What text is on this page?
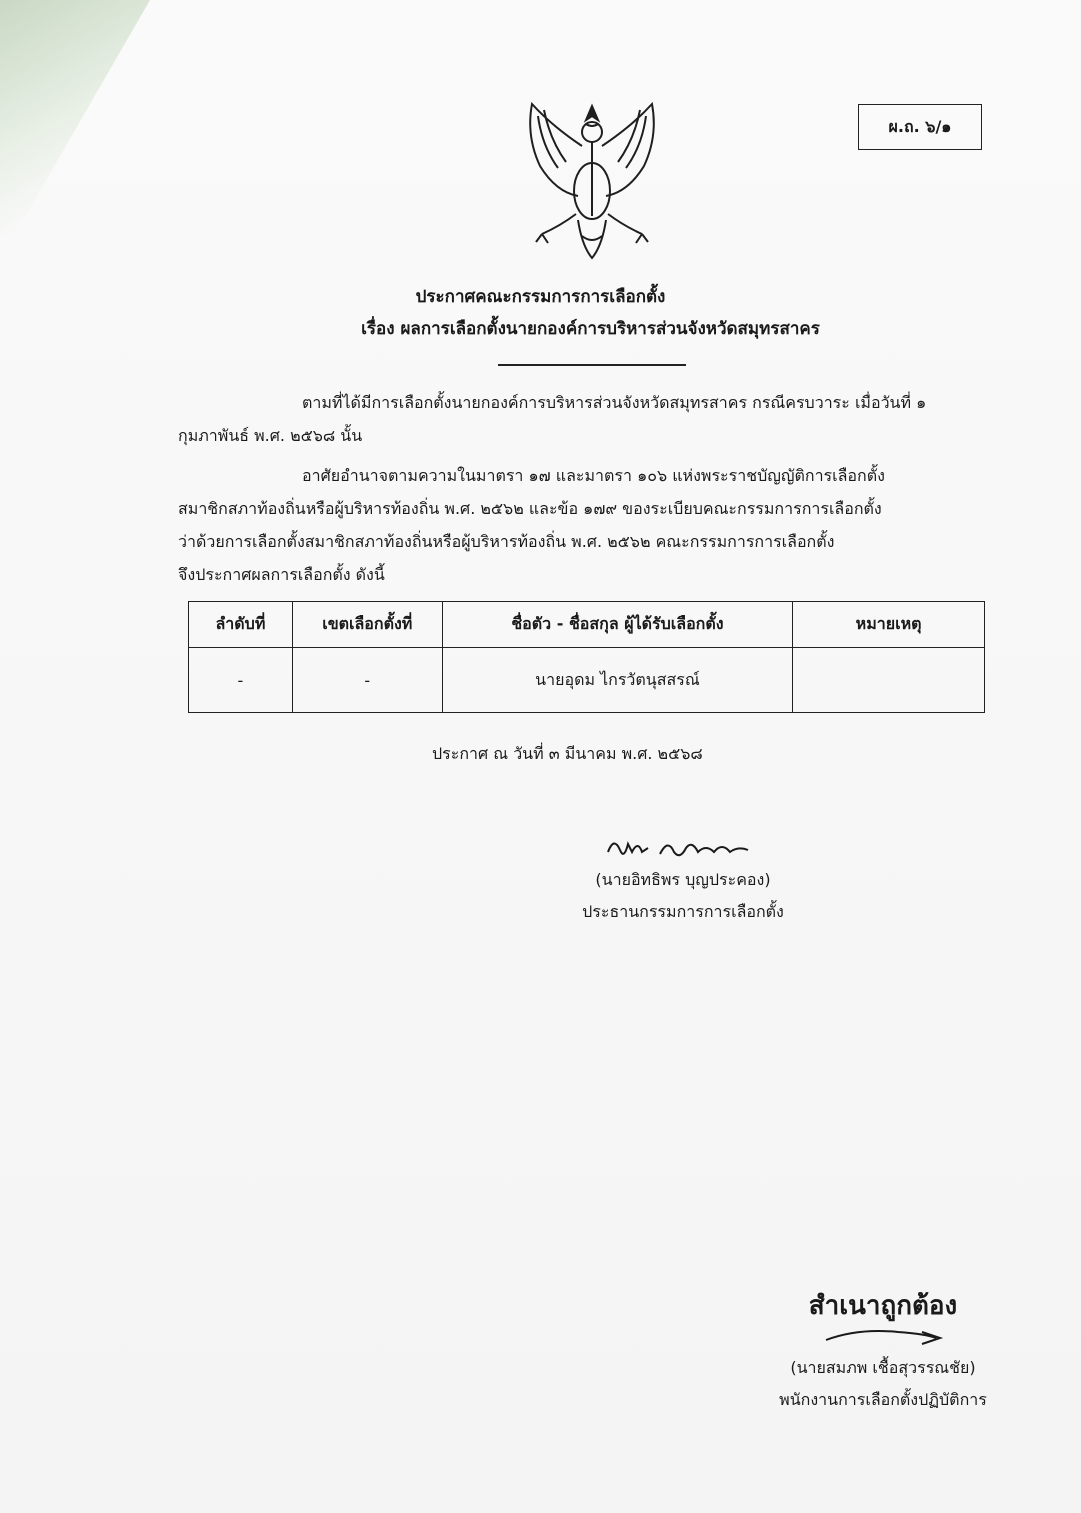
ผ.ถ. ๖/๑
ประกาศคณะกรรมการการเลือกตั้ง
เรื่อง ผลการเลือกตั้งนายกองค์การบริหารส่วนจังหวัดสมุทรสาคร
ตามที่ได้มีการเลือกตั้งนายกองค์การบริหารส่วนจังหวัดสมุทรสาคร กรณีครบวาระ เมื่อวันที่ ๑
กุมภาพันธ์ พ.ศ. ๒๕๖๘ นั้น
อาศัยอำนาจตามความในมาตรา ๑๗ และมาตรา ๑๐๖ แห่งพระราชบัญญัติการเลือกตั้ง
สมาชิกสภาท้องถิ่นหรือผู้บริหารท้องถิ่น พ.ศ. ๒๕๖๒ และข้อ ๑๗๙ ของระเบียบคณะกรรมการการเลือกตั้ง
ว่าด้วยการเลือกตั้งสมาชิกสภาท้องถิ่นหรือผู้บริหารท้องถิ่น พ.ศ. ๒๕๖๒ คณะกรรมการการเลือกตั้ง
จึงประกาศผลการเลือกตั้ง ดังนี้
ลำดับที่	เขตเลือกตั้งที่	ชื่อตัว - ชื่อสกุล ผู้ได้รับเลือกตั้ง	หมายเหตุ
-	-	นายอุดม ไกรวัตนุสสรณ์	
ประกาศ ณ วันที่ ๓ มีนาคม พ.ศ. ๒๕๖๘
(นายอิทธิพร บุญประคอง)
ประธานกรรมการการเลือกตั้ง
สำเนาถูกต้อง
(นายสมภพ เชื้อสุวรรณชัย)
พนักงานการเลือกตั้งปฏิบัติการ
